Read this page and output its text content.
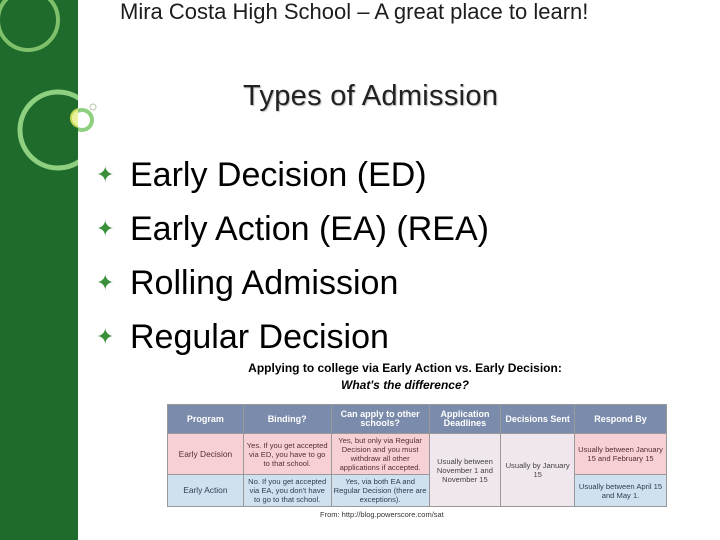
Mira Costa High School – A great place to learn!
Types of Admission
✦ Early Decision (ED)
✦ Early Action (EA) (REA)
✦ Rolling Admission
✦ Regular Decision
Applying to college via Early Action vs. Early Decision:
What's the difference?
Program	Binding?	Can apply to other schools?	Application Deadlines	Decisions Sent	Respond By
Early Decision	Yes. If you get accepted via ED, you have to go to that school.	Yes, but only via Regular Decision and you must withdraw all other applications if accepted.	Usually between November 1 and November 15	Usually by January 15	Usually between January 15 and February 15
Early Action	No. If you get accepted via EA, you don't have to go to that school.	Yes, via both EA and Regular Decision (there are exceptions).			Usually between April 15 and May 1.
From: http://blog.powerscore.com/sat
